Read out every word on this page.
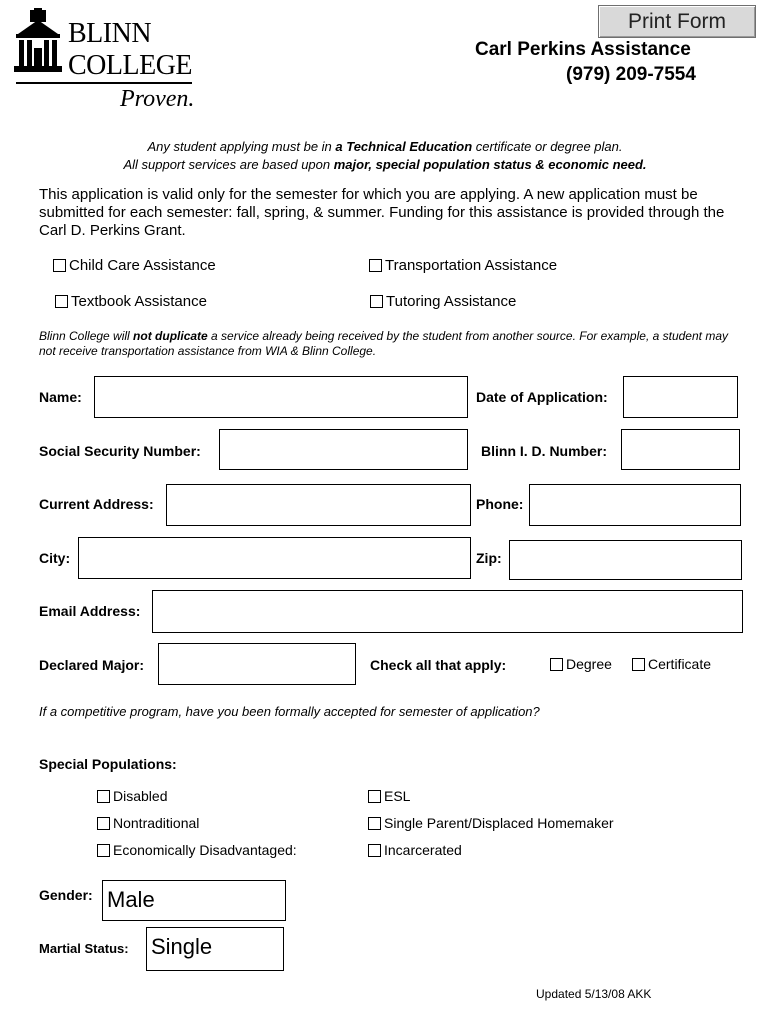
BLINN
COLLEGE
Proven.
Print Form
Carl Perkins Assistance
(979) 209-7554
Any student applying must be in a Technical Education certificate or degree plan.
All support services are based upon major, special population status & economic need.
This application is valid only for the semester for which you are applying. A new application must be submitted for each semester: fall, spring, & summer. Funding for this assistance is provided through the Carl D. Perkins Grant.
Child Care Assistance	Transportation Assistance
Textbook Assistance	Tutoring Assistance
Blinn College will not duplicate a service already being received by the student from another source. For example, a student may not receive transportation assistance from WIA & Blinn College.
Name:	Date of Application:
Social Security Number:	Blinn I. D. Number:
Current Address:	Phone:
City:	Zip:
Email Address:
Declared Major:	Check all that apply:	Degree	Certificate
If a competitive program, have you been formally accepted for semester of application?
Special Populations:
Disabled	ESL
Nontraditional	Single Parent/Displaced Homemaker
Economically Disadvantaged:	Incarcerated
Gender: Male
Martial Status: Single
Updated 5/13/08 AKK
